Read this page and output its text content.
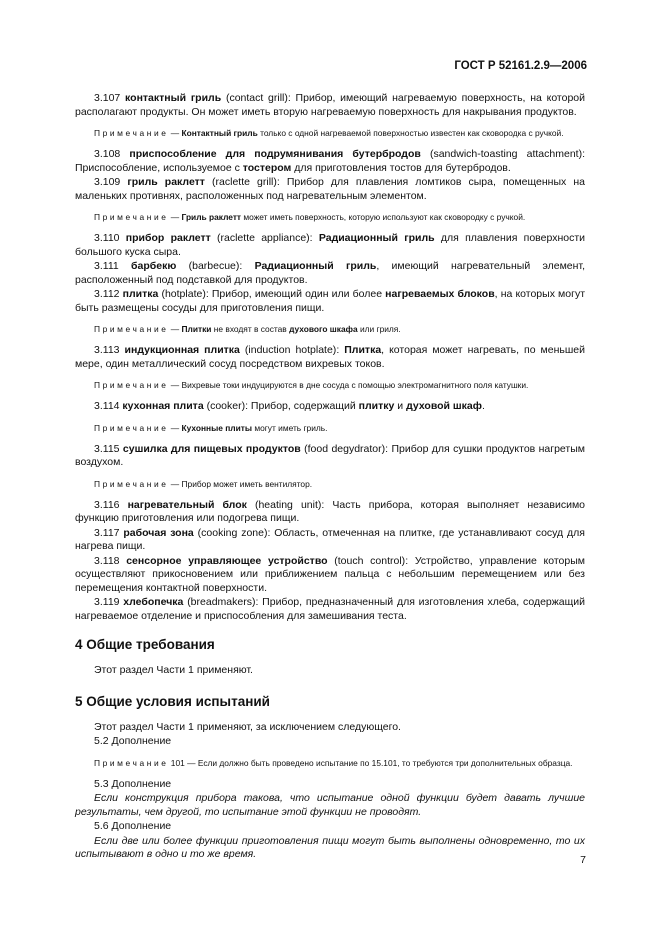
ГОСТ Р 52161.2.9—2006

3.107 контактный гриль (contact grill): Прибор, имеющий нагреваемую поверхность, на которой располагают продукты. Он может иметь вторую нагреваемую поверхность для накрывания продуктов.

Примечание — Контактный гриль только с одной нагреваемой поверхностью известен как сковородка с ручкой.

3.108 приспособление для подрумянивания бутербродов (sandwich-toasting attachment): Приспособление, используемое с тостером для приготовления тостов для бутербродов.

3.109 гриль раклетт (raclette grill): Прибор для плавления ломтиков сыра, помещенных на маленьких противнях, расположенных под нагревательным элементом.

Примечание — Гриль раклетт может иметь поверхность, которую используют как сковородку с ручкой.

3.110 прибор раклетт (raclette appliance): Радиационный гриль для плавления поверхности большого куска сыра.

3.111 барбекю (barbecue): Радиационный гриль, имеющий нагревательный элемент, расположенный под подставкой для продуктов.

3.112 плитка (hotplate): Прибор, имеющий один или более нагреваемых блоков, на которых могут быть размещены сосуды для приготовления пищи.

Примечание — Плитки не входят в состав духового шкафа или гриля.

3.113 индукционная плитка (induction hotplate): Плитка, которая может нагревать, по меньшей мере, один металлический сосуд посредством вихревых токов.

Примечание — Вихревые токи индуцируются в дне сосуда с помощью электромагнитного поля катушки.

3.114 кухонная плита (cooker): Прибор, содержащий плитку и духовой шкаф.

Примечание — Кухонные плиты могут иметь гриль.

3.115 сушилка для пищевых продуктов (food degydrator): Прибор для сушки продуктов нагретым воздухом.

Примечание — Прибор может иметь вентилятор.

3.116 нагревательный блок (heating unit): Часть прибора, которая выполняет независимо функцию приготовления или подогрева пищи.

3.117 рабочая зона (cooking zone): Область, отмеченная на плитке, где устанавливают сосуд для нагрева пищи.

3.118 сенсорное управляющее устройство (touch control): Устройство, управление которым осуществляют прикосновением или приближением пальца с небольшим перемещением или без перемещения контактной поверхности.

3.119 хлебопечка (breadmakers): Прибор, предназначенный для изготовления хлеба, содержащий нагреваемое отделение и приспособления для замешивания теста.

4 Общие требования

Этот раздел Части 1 применяют.

5 Общие условия испытаний

Этот раздел Части 1 применяют, за исключением следующего.

5.2 Дополнение

Примечание 101 — Если должно быть проведено испытание по 15.101, то требуются три дополнительных образца.

5.3 Дополнение

Если конструкция прибора такова, что испытание одной функции будет давать лучшие результаты, чем другой, то испытание этой функции не проводят.

5.6 Дополнение

Если две или более функции приготовления пищи могут быть выполнены одновременно, то их испытывают в одно и то же время.	7
